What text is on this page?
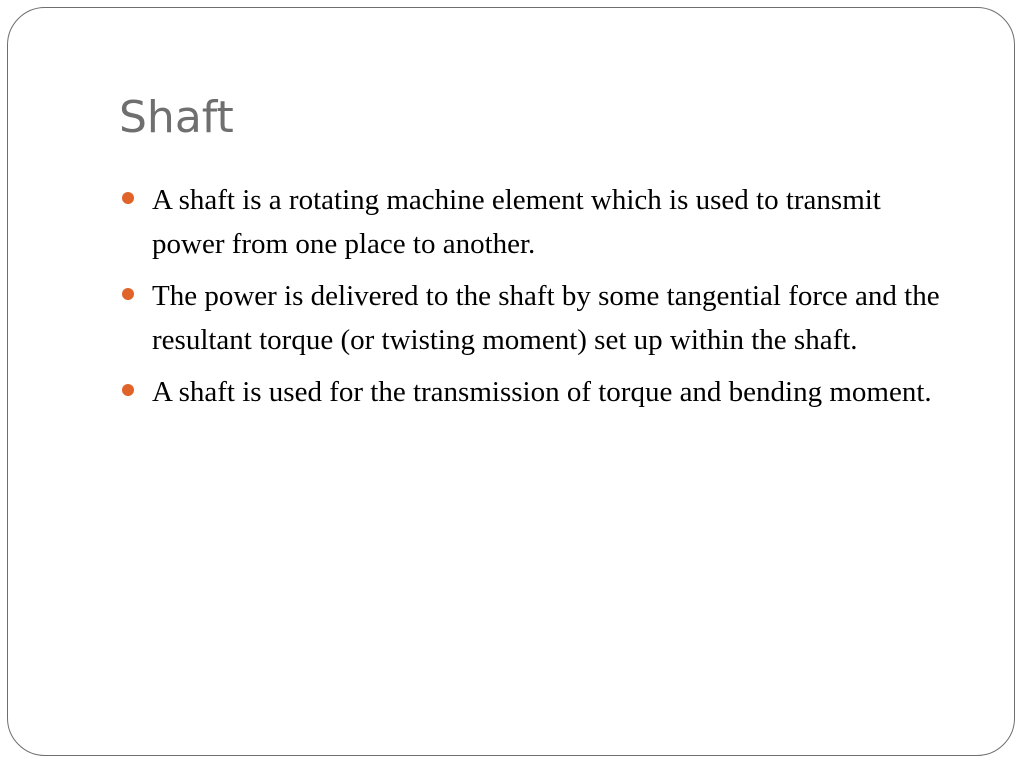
Shaft
A shaft is a rotating machine element which is used to transmit power from one place to another.
The power is delivered to the shaft by some tangential force and the resultant torque (or twisting moment) set up within the shaft.
A shaft is used for the transmission of torque and bending moment.
